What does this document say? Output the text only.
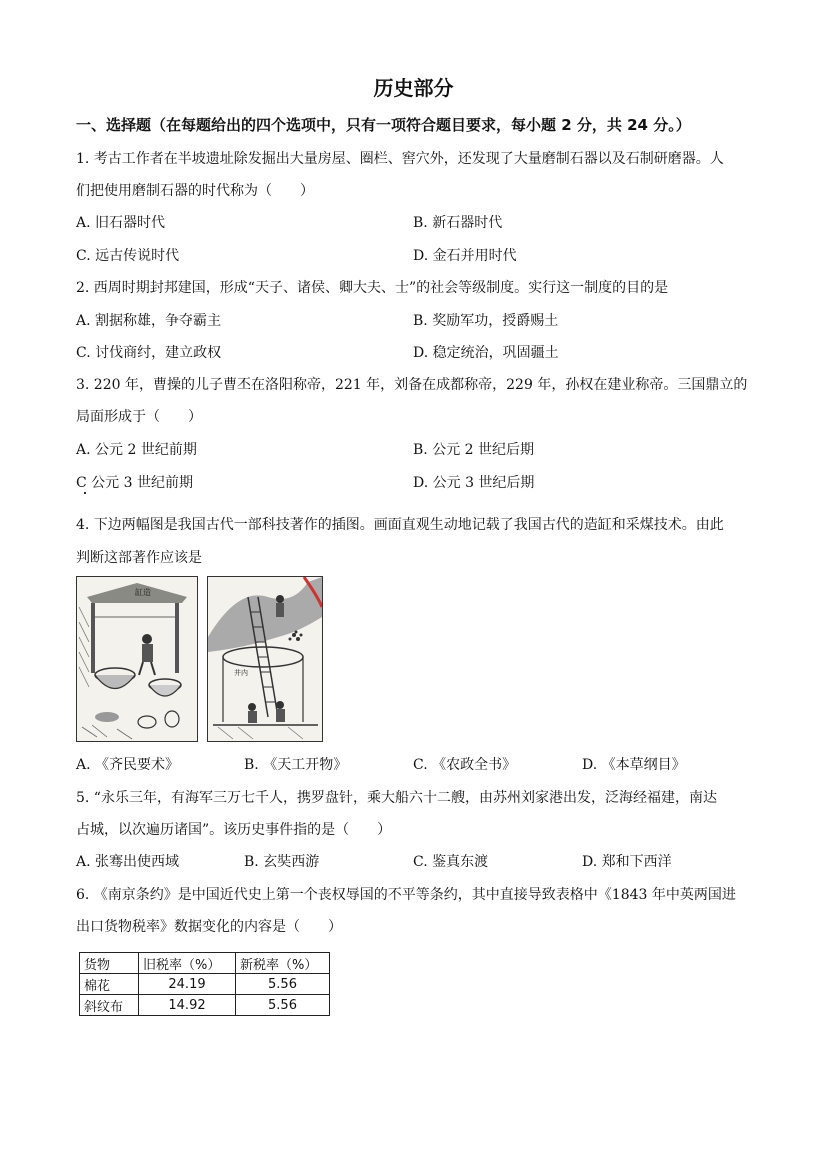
历史部分
一、选择题（在每题给出的四个选项中，只有一项符合题目要求，每小题 2 分，共 24 分。）
1. 考古工作者在半坡遗址除发掘出大量房屋、圈栏、窖穴外，还发现了大量磨制石器以及石制研磨器。人
们把使用磨制石器的时代称为（　　）
A. 旧石器时代	B. 新石器时代
C. 远古传说时代	D. 金石并用时代
2. 西周时期封邦建国，形成“天子、诸侯、卿大夫、士”的社会等级制度。实行这一制度的目的是
A. 割据称雄，争夺霸主	B. 奖励军功，授爵赐土
C. 讨伐商纣，建立政权	D. 稳定统治，巩固疆土
3. 220 年，曹操的儿子曹丕在洛阳称帝，221 年，刘备在成都称帝，229 年，孙权在建业称帝。三国鼎立的
局面形成于（　　）
A. 公元 2 世纪前期	B. 公元 2 世纪后期
C 公元 3 世纪前期	D. 公元 3 世纪后期
4. 下边两幅图是我国古代一部科技著作的插图。画面直观生动地记载了我国古代的造缸和采煤技术。由此
判断这部著作应该是
缸造
井内
A. 《齐民要术》	B. 《天工开物》	C. 《农政全书》	D. 《本草纲目》
5. “永乐三年，有海军三万七千人，携罗盘针，乘大船六十二艘，由苏州刘家港出发，泛海经福建，南达
占城，以次遍历诸国”。该历史事件指的是（　　）
A. 张骞出使西域	B. 玄奘西游	C. 鉴真东渡	D. 郑和下西洋
6. 《南京条约》是中国近代史上第一个丧权辱国的不平等条约，其中直接导致表格中《1843 年中英两国进
出口货物税率》数据变化的内容是（　　）
货物	旧税率（%）	新税率（%）
棉花	24.19	5.56
斜纹布	14.92	5.56
